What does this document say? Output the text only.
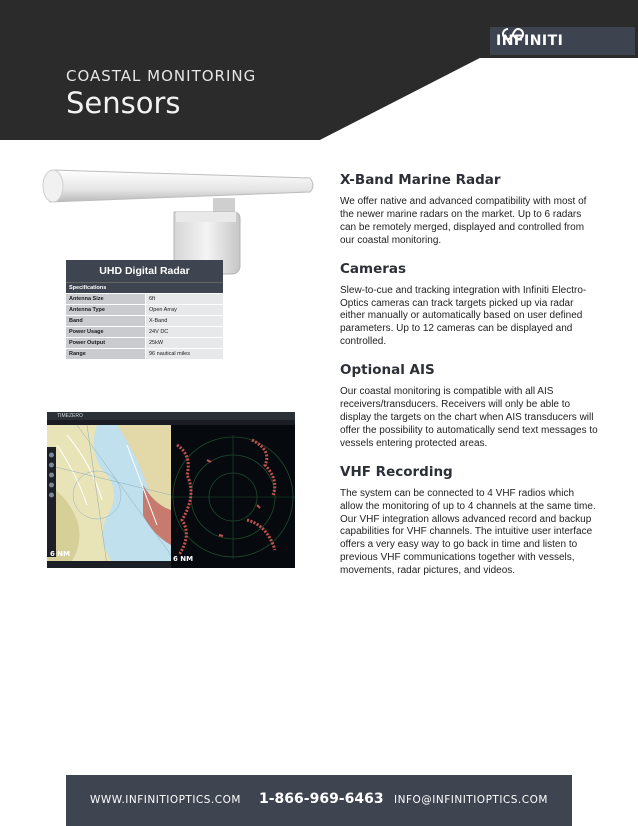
INFINITI
COASTAL MONITORING
Sensors
UHD Digital Radar
Specifications
Antenna Size	6ft
Antenna Type	Open Array
Band	X-Band
Power Usage	24V DC
Power Output	25kW
Range	96 nautical miles
TIMEZERO
6 NM
6 NM
X-Band Marine Radar

We offer native and advanced compatibility with most of the newer marine radars on the market. Up to 6 radars can be remotely merged, displayed and controlled from our coastal monitoring.

Cameras

Slew-to-cue and tracking integration with Infiniti Electro-Optics cameras can track targets picked up via radar either manually or automatically based on user defined parameters. Up to 12 cameras can be displayed and controlled.

Optional AIS

Our coastal monitoring is compatible with all AIS receivers/transducers. Receivers will only be able to display the targets on the chart when AIS transducers will offer the possibility to automatically send text messages to vessels entering protected areas.

VHF Recording

The system can be connected to 4 VHF radios which allow the monitoring of up to 4 channels at the same time. Our VHF integration allows advanced record and backup capabilities for VHF channels. The intuitive user interface offers a very easy way to go back in time and listen to previous VHF communications together with vessels, movements, radar pictures, and videos.

WWW.INFINITIOPTICS.COM 1-866-969-6463 INFO@INFINITIOPTICS.COM
